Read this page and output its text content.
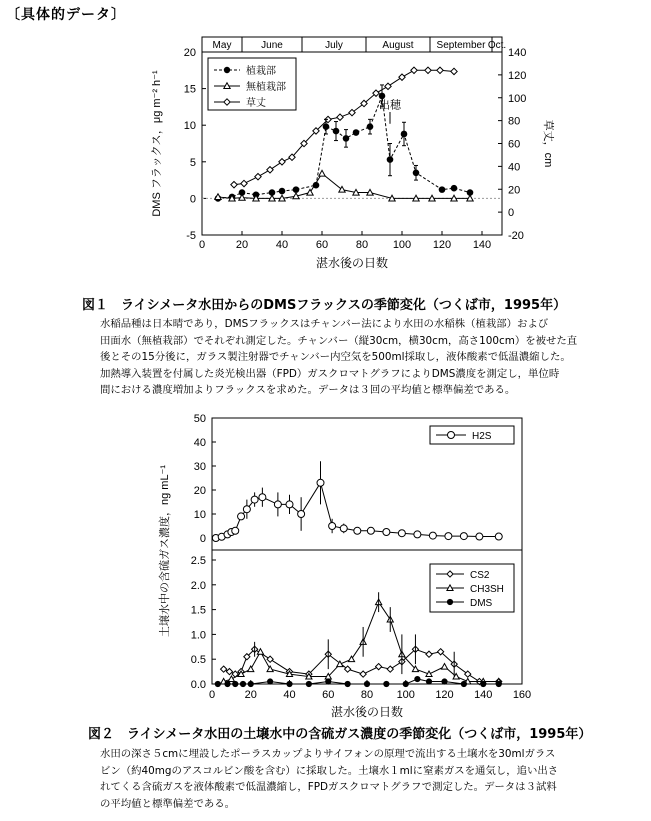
〔具体的データ〕
May	June	July	August September Oct.
0	20	40	60	80 100 120 140
-5
0
5
10
15
20
-20
0
20
40
60
80
100
120
140
湛水後の日数
DMS フラックス，μg m⁻² h⁻¹	草丈，cm
出穂
植栽部
無植栽部
草丈
図１　ライシメータ水田からのDMSフラックスの季節変化（つくば市，1995年）
水稲品種は日本晴であり，DMSフラックスはチャンバー法により水田の水稲株（植栽部）および
田面水（無植栽部）でそれぞれ測定した。チャンバー（縦30cm，横30cm，高さ100cm）を被せた直
後とその15分後に，ガラス製注射器でチャンバー内空気を500ml採取し，液体酸素で低温濃縮した。
加熱導入装置を付属した炎光検出器（FPD）ガスクロマトグラフによりDMS濃度を測定し，単位時
間における濃度増加よりフラックスを求めた。データは３回の平均値と標準偏差である。
0
10
20
30
40
50
0.0
0.5
1.0
1.5
2.0
2.5
0	20 40 60 80 100 120 140 160
湛水後の日数
土壌水中の含硫ガス濃度，ng mL⁻¹
H2S
CS2
CH3SH
DMS
図２　ライシメータ水田の土壌水中の含硫ガス濃度の季節変化（つくば市，1995年）
水田の深さ５cmに埋設したポーラスカップよりサイフォンの原理で流出する土壌水を30mlガラス
ビン（約40mgのアスコルビン酸を含む）に採取した。土壌水１mlに窒素ガスを通気し，追い出さ
れてくる含硫ガスを液体酸素で低温濃縮し，FPDガスクロマトグラフで測定した。データは３試料
の平均値と標準偏差である。
